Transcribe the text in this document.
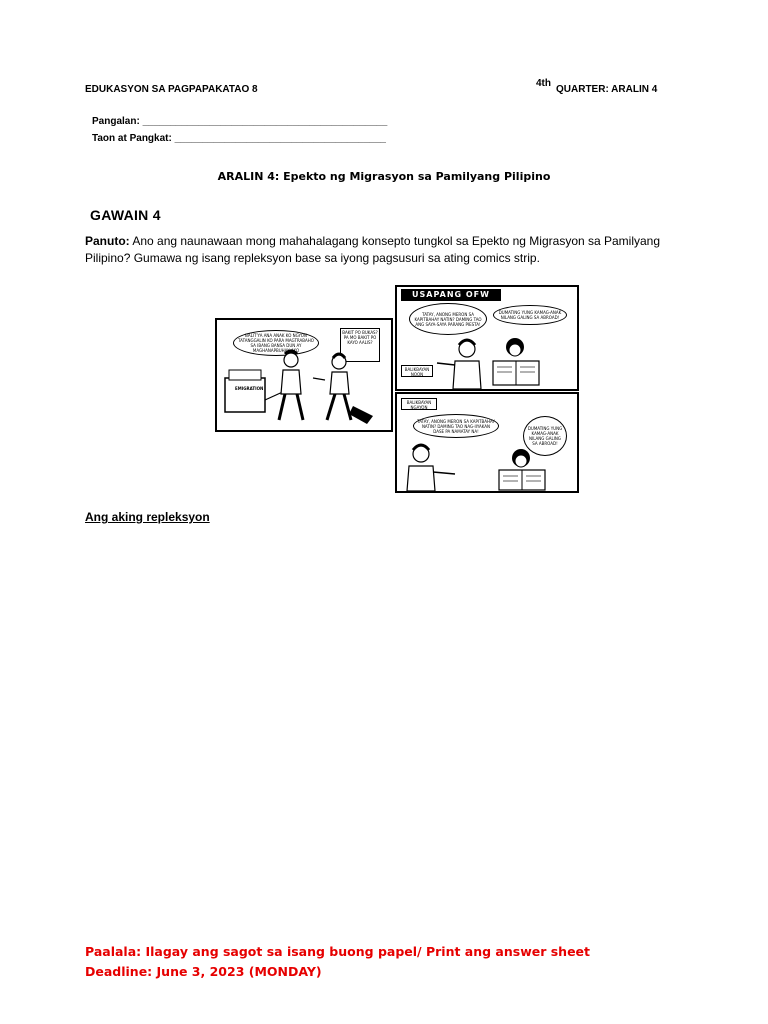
EDUKASYON SA PAGPAPAKATAO 8
4th
QUARTER: ARALIN 4
Pangalan: ____________________________________________
Taon at Pangkat: ______________________________________
ARALIN 4: Epekto ng Migrasyon sa Pamilyang Pilipino
GAWAIN 4
Panuto: Ano ang naunawaan mong mahahalagang konsepto tungkol sa Epekto ng Migrasyon sa Pamilyang Pilipino? Gumawa ng isang repleksyon base sa iyong pagsusuri sa ating comics strip.
BALIT'YA ANA ANAK KO NGYON TATANGGALIN KO PARA MAGTRABAHO SA IBANG BANSA DUN AY MAGHANAPBUHAY AKO
BAKIT PO BUKAS? PA MO BAKIT PO KAYO AALIS?
EMIGRATION
USAPANG OFW
TATAY, ANONG MERON SA KAPITBAHAY NATIN? DAMING TAO ANG SAYA-SAYA PARANG PIESTA!
DUMATING YUNG KAMAG-ANAK NILANG GALING SA ABROAD!
BALIKBAYAN NOON
BALIKBAYAN NGAYON
TATAY, ANONG MERON SA KAPITBAHAY NATIN? DAMING TAO NAG-IIYAKAN DASE PA NAMATAY NA!	DUMATING YUNG KAMAG-ANAK NILANG GALING SA ABROAD!
Ang aking repleksyon
Paalala: Ilagay ang sagot sa isang buong papel/ Print ang answer sheet
Deadline: June 3, 2023 (MONDAY)
